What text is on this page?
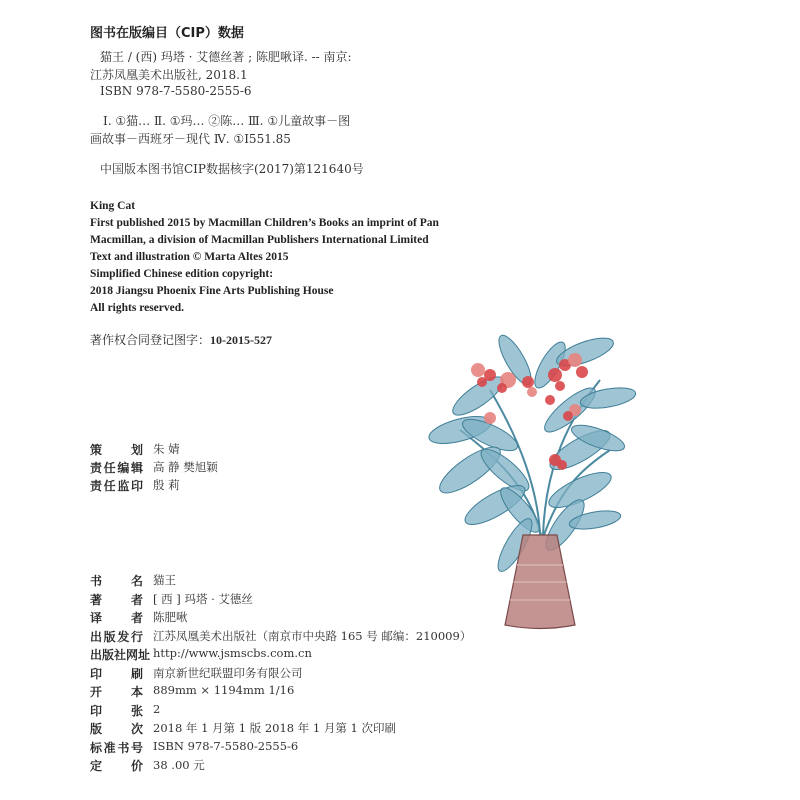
图书在版编目（CIP）数据
猫王 / (西) 玛塔 · 艾德丝著 ; 陈肥啾译. -- 南京:
江苏凤凰美术出版社, 2018.1
ISBN 978-7-5580-2555-6
Ⅰ. ①猫… Ⅱ. ①玛… ②陈… Ⅲ. ①儿童故事－图
画故事－西班牙－现代 Ⅳ. ①I551.85
中国版本图书馆CIP数据核字(2017)第121640号
King Cat
First published 2015 by Macmillan Children’s Books an imprint of Pan
Macmillan, a division of Macmillan Publishers International Limited
Text and illustration © Marta Altes 2015
Simplified Chinese edition copyright:
2018 Jiangsu Phoenix Fine Arts Publishing House
All rights reserved.
著作权合同登记图字：10-2015-527
策 划 朱 婧
责 任 编 辑 高 静 樊旭颖
责 任 监 印 殷 莉
书 名 猫王
著 者 [ 西 ] 玛塔 · 艾德丝
译 者 陈肥啾
出 版 发 行 江苏凤凰美术出版社（南京市中央路 165 号 邮编：210009）
出版社网址 http://www.jsmscbs.com.cn
印 刷 南京新世纪联盟印务有限公司
开 本 889mm × 1194mm 1/16
印 张 2
版 次 2018 年 1 月第 1 版 2018 年 1 月第 1 次印刷
标 准 书 号 ISBN 978-7-5580-2555-6
定 价 38 .00 元
